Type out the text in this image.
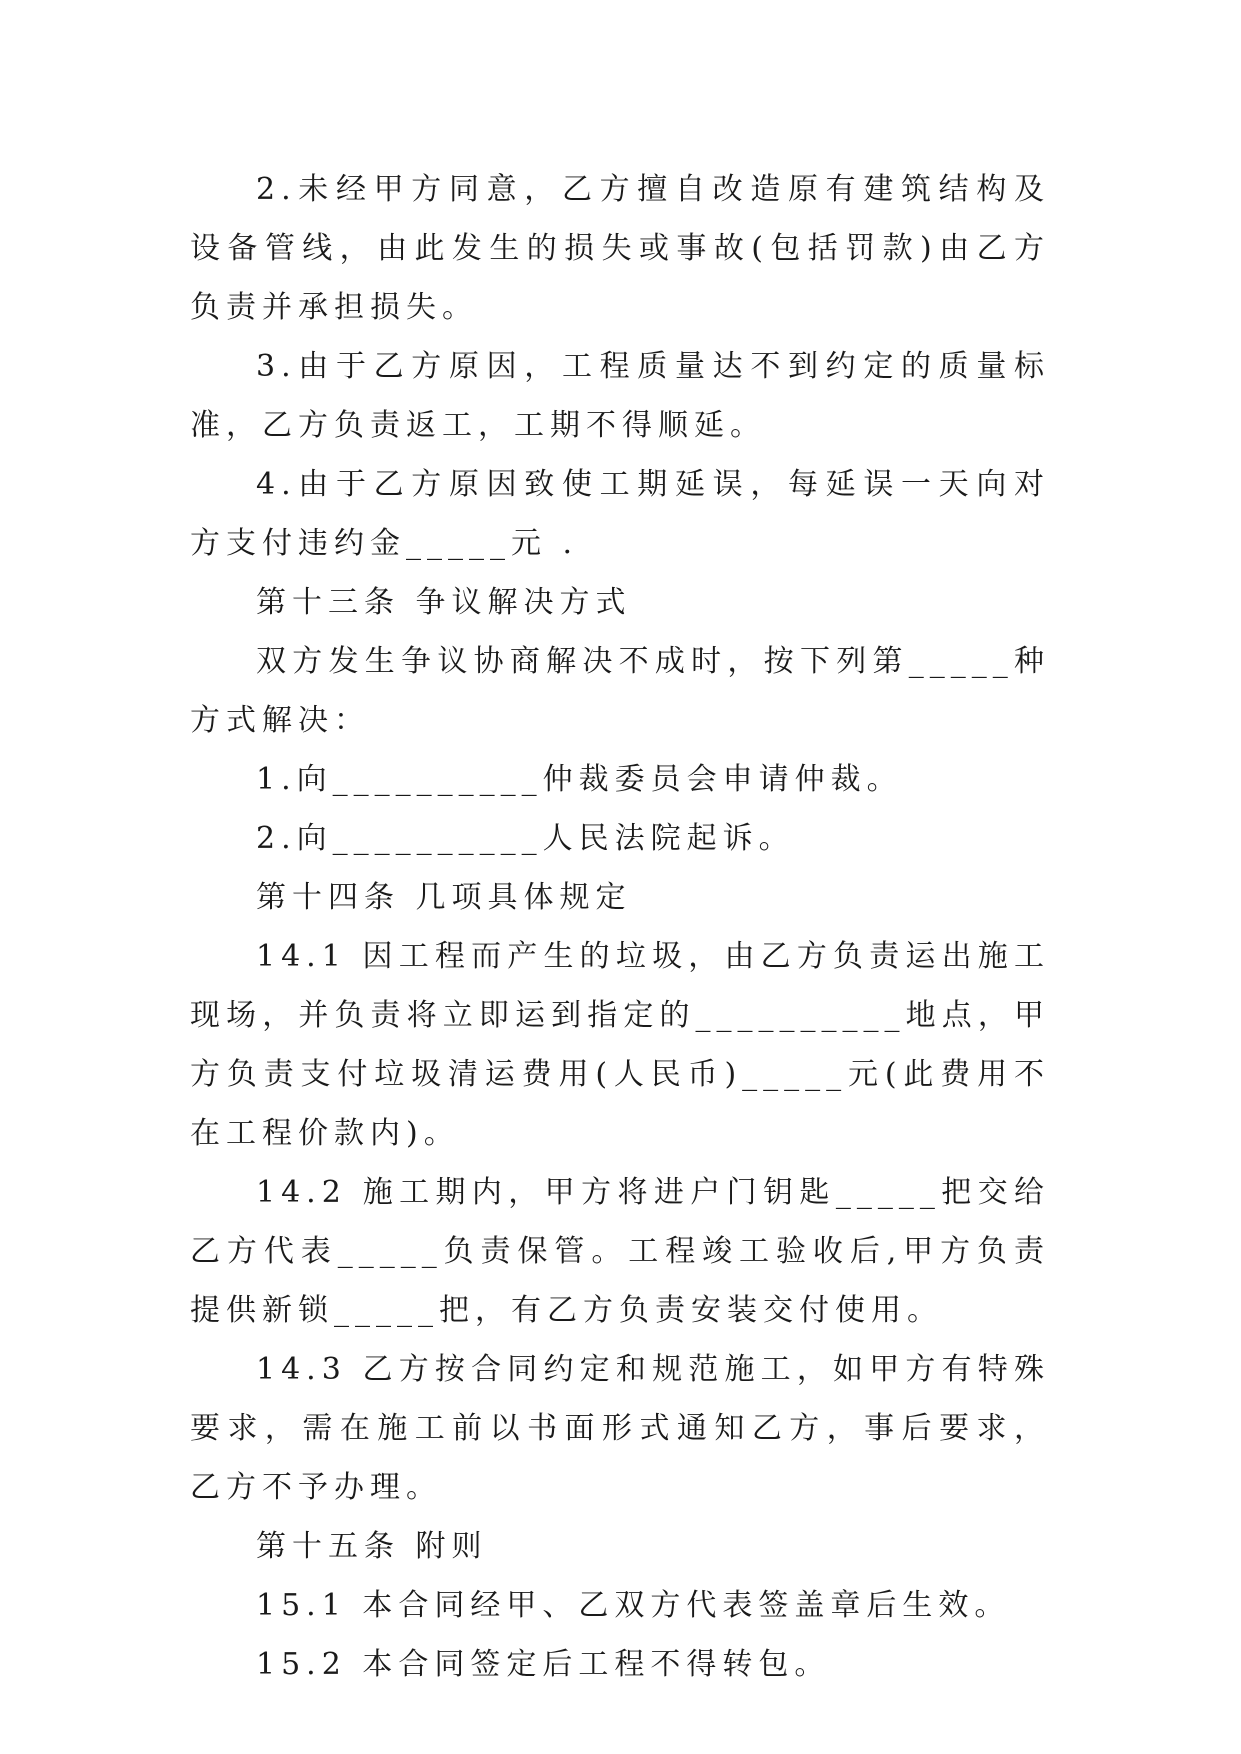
2.未经甲方同意，乙方擅自改造原有建筑结构及设备管线，由此发生的损失或事故(包括罚款)由乙方负责并承担损失。

3.由于乙方原因，工程质量达不到约定的质量标准，乙方负责返工，工期不得顺延。

4.由于乙方原因致使工期延误，每延误一天向对方支付违约金_____元 .

第十三条 争议解决方式

双方发生争议协商解决不成时，按下列第_____种方式解决：

1.向__________仲裁委员会申请仲裁。

2.向__________人民法院起诉。

第十四条 几项具体规定

14.1 因工程而产生的垃圾，由乙方负责运出施工现场，并负责将立即运到指定的__________地点，甲方负责支付垃圾清运费用(人民币)_____元(此费用不在工程价款内)。

14.2 施工期内，甲方将进户门钥匙_____把交给乙方代表_____负责保管。工程竣工验收后,甲方负责提供新锁_____把，有乙方负责安装交付使用。

14.3 乙方按合同约定和规范施工，如甲方有特殊要求，需在施工前以书面形式通知乙方，事后要求，乙方不予办理。

第十五条 附则

15.1 本合同经甲、乙双方代表签盖章后生效。

15.2 本合同签定后工程不得转包。
